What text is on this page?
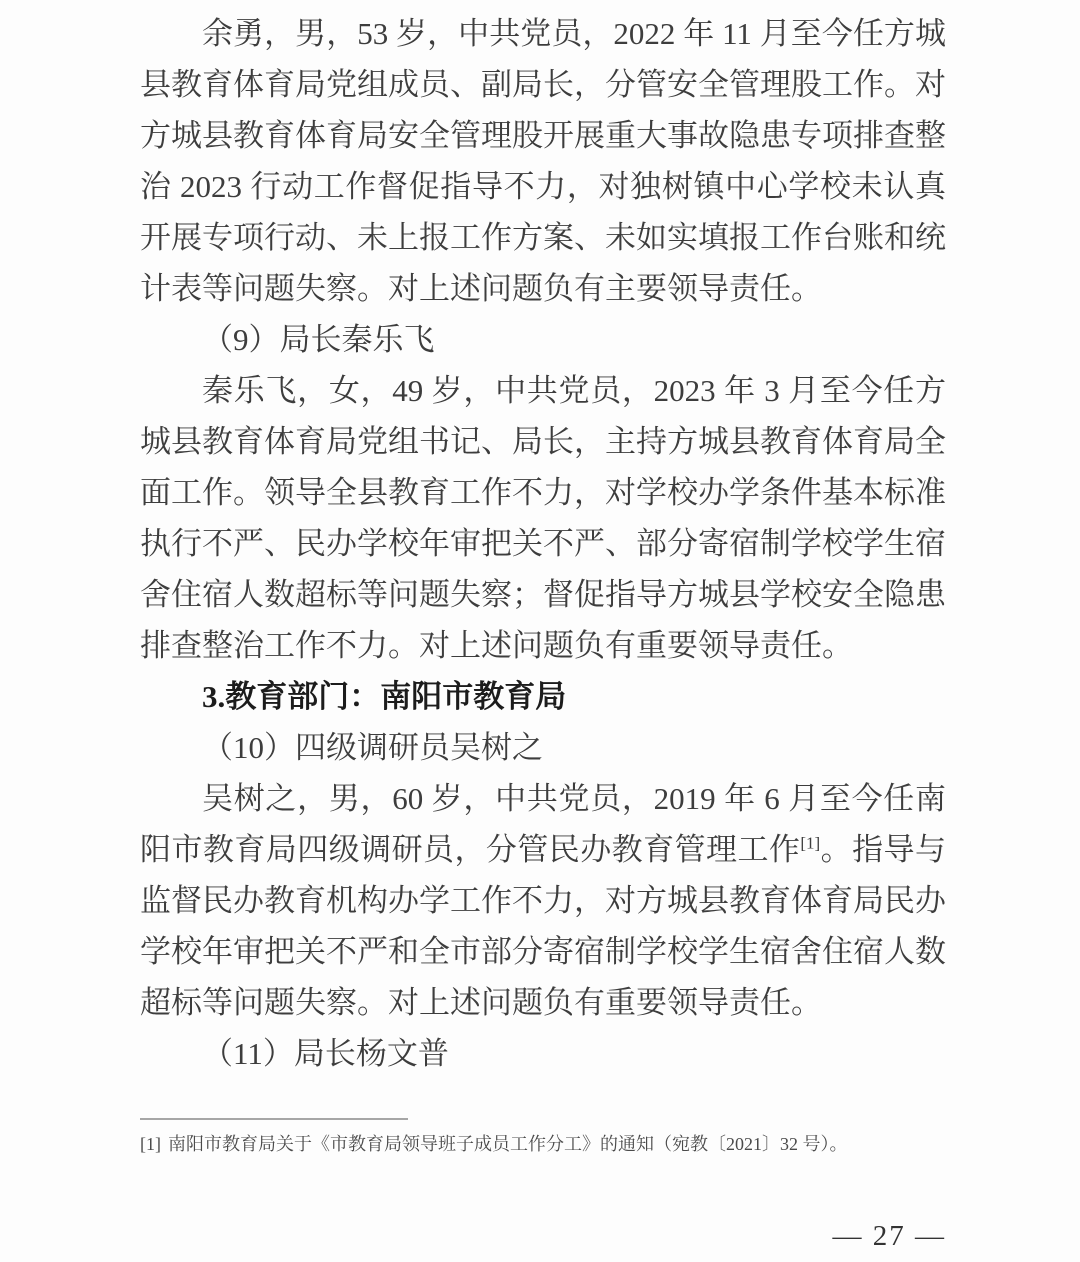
余勇，男，53 岁，中共党员，2022 年 11 月至今任方城县教育体育局党组成员、副局长，分管安全管理股工作。对方城县教育体育局安全管理股开展重大事故隐患专项排查整治 2023 行动工作督促指导不力，对独树镇中心学校未认真开展专项行动、未上报工作方案、未如实填报工作台账和统计表等问题失察。对上述问题负有主要领导责任。

（9）局长秦乐飞

秦乐飞，女，49 岁，中共党员，2023 年 3 月至今任方城县教育体育局党组书记、局长，主持方城县教育体育局全面工作。领导全县教育工作不力，对学校办学条件基本标准执行不严、民办学校年审把关不严、部分寄宿制学校学生宿舍住宿人数超标等问题失察；督促指导方城县学校安全隐患排查整治工作不力。对上述问题负有重要领导责任。

3.教育部门：南阳市教育局

（10）四级调研员吴树之

吴树之，男，60 岁，中共党员，2019 年 6 月至今任南阳市教育局四级调研员，分管民办教育管理工作[1]。指导与监督民办教育机构办学工作不力，对方城县教育体育局民办学校年审把关不严和全市部分寄宿制学校学生宿舍住宿人数超标等问题失察。对上述问题负有重要领导责任。

（11）局长杨文普

[1] 南阳市教育局关于《市教育局领导班子成员工作分工》的通知（宛教〔2021〕32 号）。

— 27 —
